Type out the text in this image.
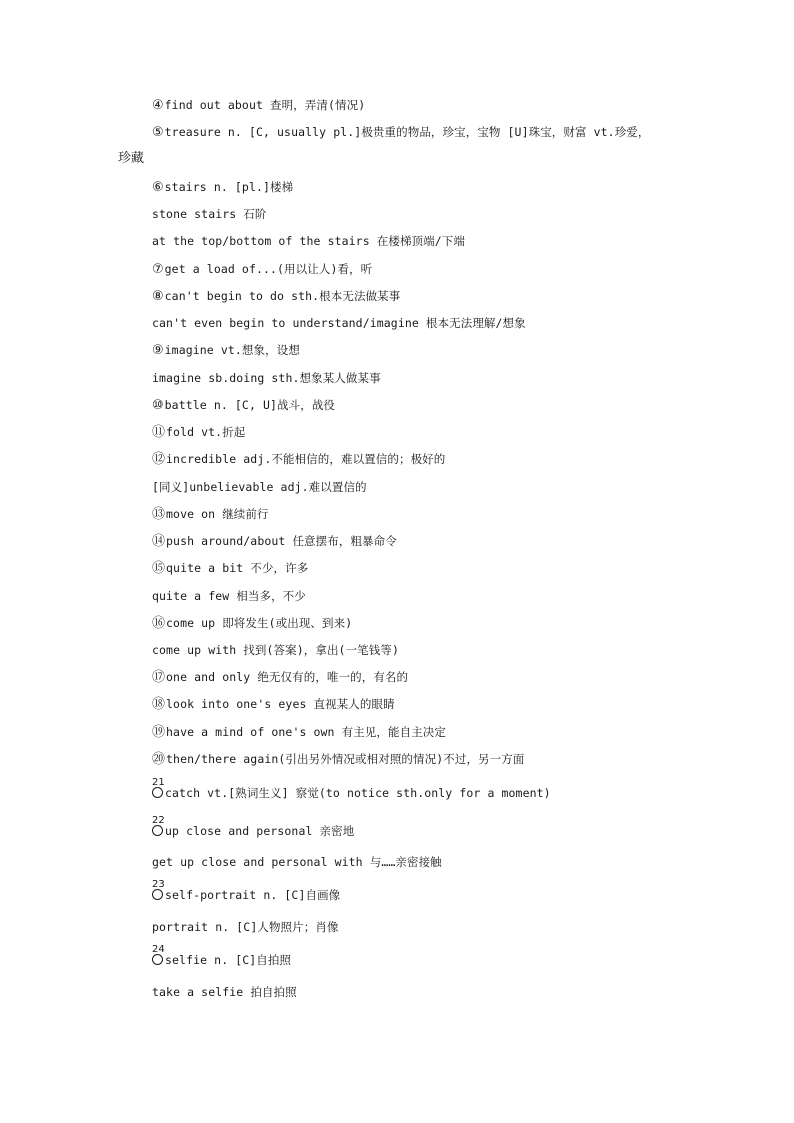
④find out about 查明，弄清(情况)
⑤treasure n. [C, usually pl.]极贵重的物品，珍宝，宝物 [U]珠宝，财富 vt.珍爱，
珍藏
⑥stairs n. [pl.]楼梯
stone stairs 石阶
at the top/bottom of the stairs 在楼梯顶端/下端
⑦get a load of...(用以让人)看，听
⑧can't begin to do sth.根本无法做某事
can't even begin to understand/imagine 根本无法理解/想象
⑨imagine vt.想象，设想
imagine sb.doing sth.想象某人做某事
⑩battle n. [C, U]战斗，战役
⑪fold vt.折起
⑫incredible adj.不能相信的，难以置信的；极好的
[同义]unbelievable adj.难以置信的
⑬move on 继续前行
⑭push around/about 任意摆布，粗暴命令
⑮quite a bit 不少，许多
quite a few 相当多，不少
⑯come up 即将发生(或出现、到来)
come up with 找到(答案)，拿出(一笔钱等)
⑰one and only 绝无仅有的，唯一的，有名的
⑱look into one's eyes 直视某人的眼睛
⑲have a mind of one's own 有主见，能自主决定
⑳then/there again(引出另外情况或相对照的情况)不过，另一方面
21
catch vt.[熟词生义] 察觉(to notice sth.only for a moment)
22
up close and personal 亲密地
get up close and personal with 与……亲密接触
23
self-portrait n. [C]自画像
portrait n. [C]人物照片；肖像
24
selfie n. [C]自拍照
take a selfie 拍自拍照
